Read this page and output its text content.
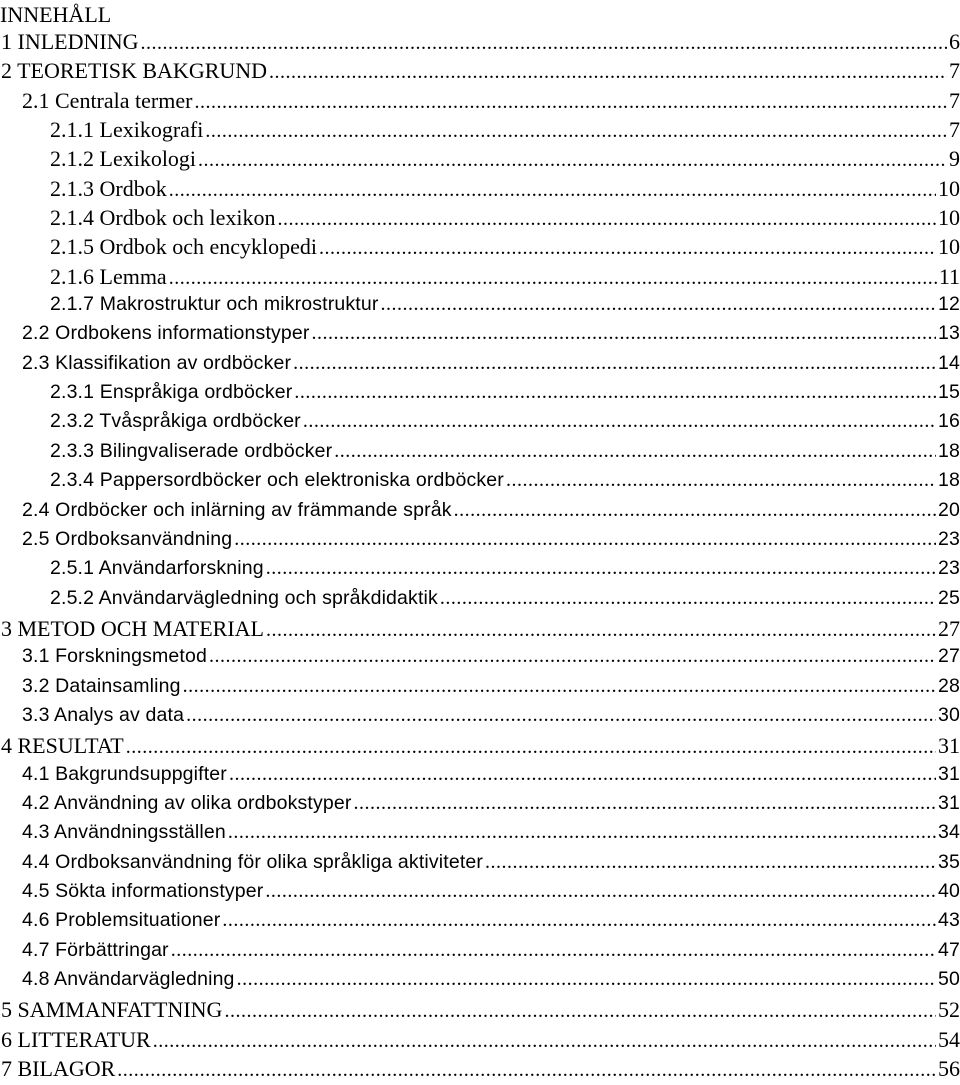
INNEHÅLL
1 INLEDNING .....	6
2 TEORETISK BAKGRUND .....	7
2.1 Centrala termer .....	7
2.1.1 Lexikografi .....	7
2.1.2 Lexikologi .....	9
2.1.3 Ordbok .....	10
2.1.4 Ordbok och lexikon .....	10
2.1.5 Ordbok och encyklopedi .....	10
2.1.6 Lemma .....	11
2.1.7 Makrostruktur och mikrostruktur .....	12
2.2 Ordbokens informationstyper .....	13
2.3 Klassifikation av ordböcker .....	14
2.3.1 Enspråkiga ordböcker .....	15
2.3.2 Tvåspråkiga ordböcker .....	16
2.3.3 Bilingvaliserade ordböcker .....	18
2.3.4 Pappersordböcker och elektroniska ordböcker .....	18
2.4 Ordböcker och inlärning av främmande språk .....	20
2.5 Ordboksanvändning .....	23
2.5.1 Användarforskning .....	23
2.5.2 Användarvägledning och språkdidaktik .....	25
3 METOD OCH MATERIAL .....	27
3.1 Forskningsmetod .....	27
3.2 Datainsamling .....	28
3.3 Analys av data .....	30
4 RESULTAT .....	31
4.1 Bakgrundsuppgifter .....	31
4.2 Användning av olika ordbokstyper .....	31
4.3 Användningsställen .....	34
4.4 Ordboksanvändning för olika språkliga aktiviteter .....	35
4.5 Sökta informationstyper .....	40
4.6 Problemsituationer .....	43
4.7 Förbättringar .....	47
4.8 Användarvägledning .....	50
5 SAMMANFATTNING .....	52
6 LITTERATUR .....	54
7 BILAGOR .....	56
